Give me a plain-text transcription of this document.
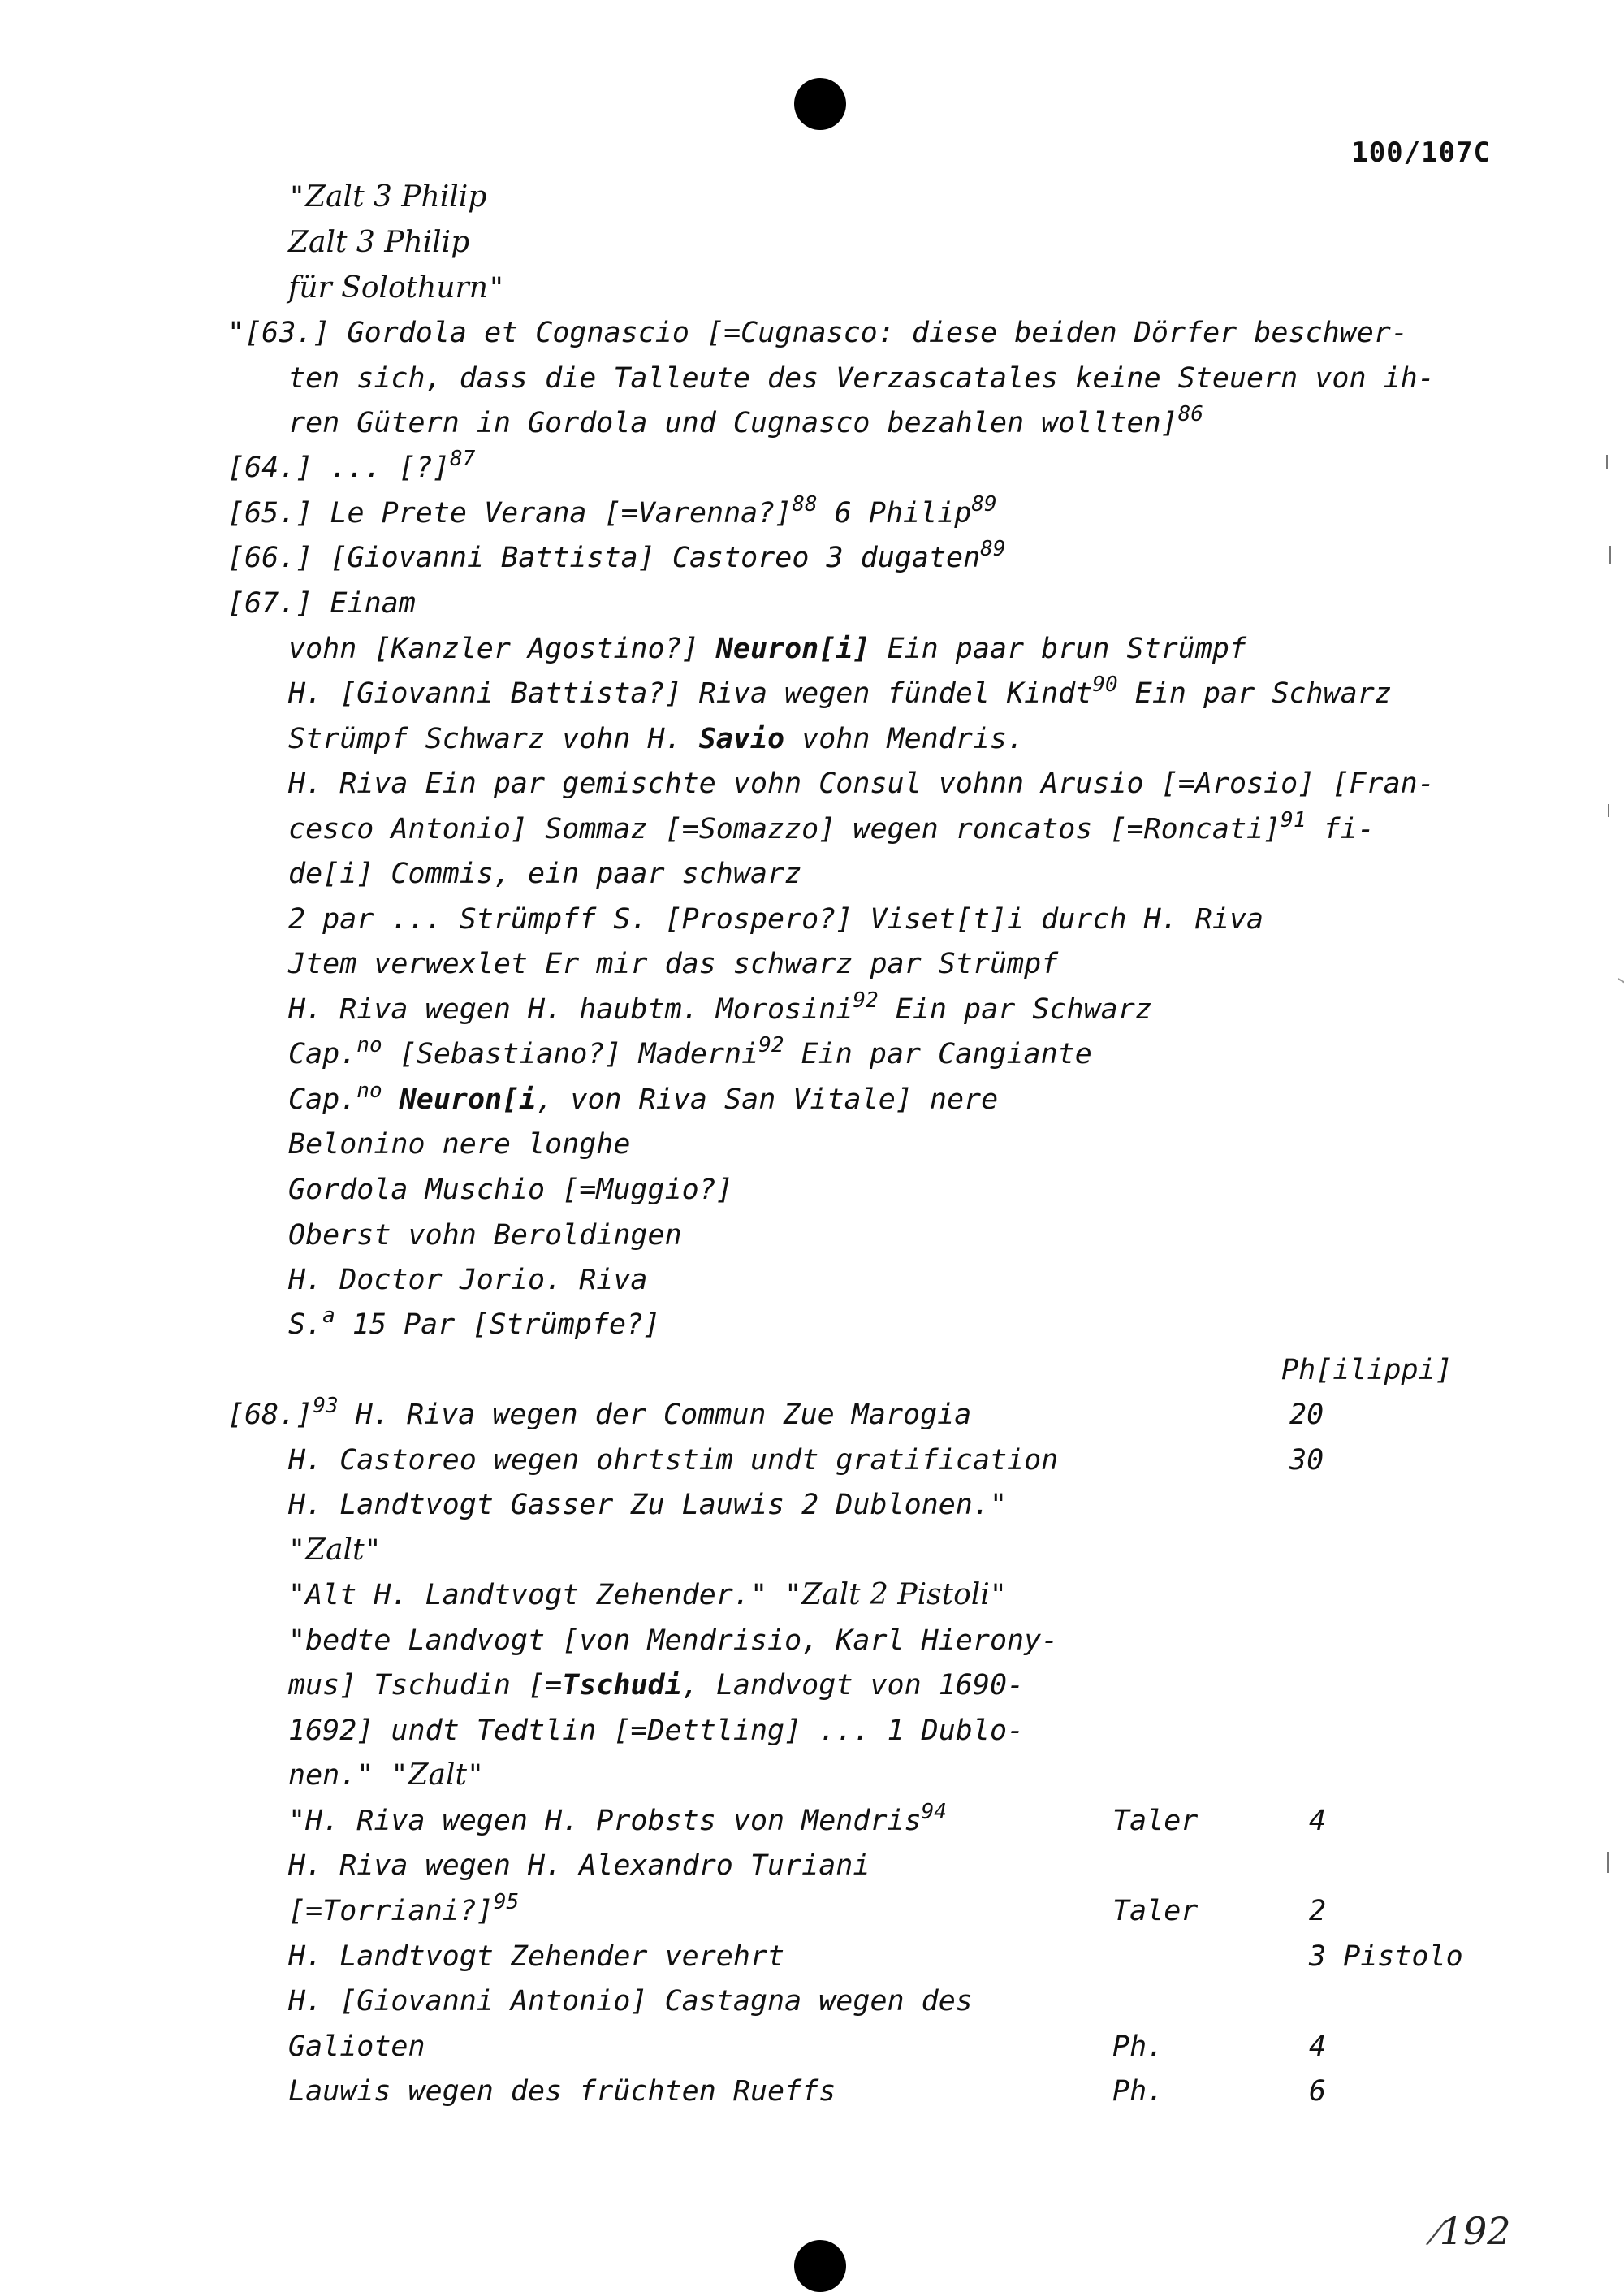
100/107C
"Zalt 3 Philip
Zalt 3 Philip
für Solothurn"
"[63.] Gordola et Cognascio [=Cugnasco: diese beiden Dörfer beschwer-
ten sich, dass die Talleute des Verzascatales keine Steuern von ih-
ren Gütern in Gordola und Cugnasco bezahlen wollten]$^{86}$
[64.] ... [?]$^{87}$
[65.] Le Prete Verana [=Varenna?]$^{88}$ 6 Philip$^{89}$
[66.] [Giovanni Battista] Castoreo 3 dugaten$^{89}$
[67.] Einam
vohn [Kanzler Agostino?] Neuron[i] Ein paar brun Strümpf
H. [Giovanni Battista?] Riva wegen fündel Kindt$^{90}$ Ein par Schwarz
Strümpf Schwarz vohn H. Savio vohn Mendris.
H. Riva Ein par gemischte vohn Consul vohnn Arusio [=Arosio] [Fran-
cesco Antonio] Sommaz [=Somazzo] wegen roncatos [=Roncati]$^{91}$ fi-
de[i] Commis, ein paar schwarz
2 par ... Strümpff S. [Prospero?] Viset[t]i durch H. Riva
Jtem verwexlet Er mir das schwarz par Strümpf
H. Riva wegen H. haubtm. Morosini$^{92}$ Ein par Schwarz
Cap.$^{no}$ [Sebastiano?] Maderni$^{92}$ Ein par Cangiante
Cap.$^{no}$ Neuron[i, von Riva San Vitale] nere
Belonino nere longhe
Gordola Muschio [=Muggio?]
Oberst vohn Beroldingen
H. Doctor Jorio. Riva
S.$^a$ 15 Par [Strümpfe?]
Ph[ilippi]
$[68.]^{93}$ H. Riva wegen der Commun Zue Marogia	20
H. Castoreo wegen ohrtstim undt gratification	30
H. Landtvogt Gasser Zu Lauwis 2 Dublonen."
"Zalt"
"Alt H. Landtvogt Zehender." "Zalt 2 Pistoli"
"bedte Landvogt [von Mendrisio, Karl Hierony-
mus] Tschudin [=Tschudi, Landvogt von 1690-
1692] undt Tedtlin [=Dettling] ... 1 Dublo-
nen." "Zalt"
"H. Riva wegen H. Probsts von Mendris$^{94}$	Taler	4
H. Riva wegen H. Alexandro Turiani
[=Torriani?]$^{95}$	Taler	2
H. Landtvogt Zehender verehrt	3 Pistolo
H. [Giovanni Antonio] Castagna wegen des
Galioten	Ph.	4
Lauwis wegen des früchten Rueffs	Ph.	6
⁄192
